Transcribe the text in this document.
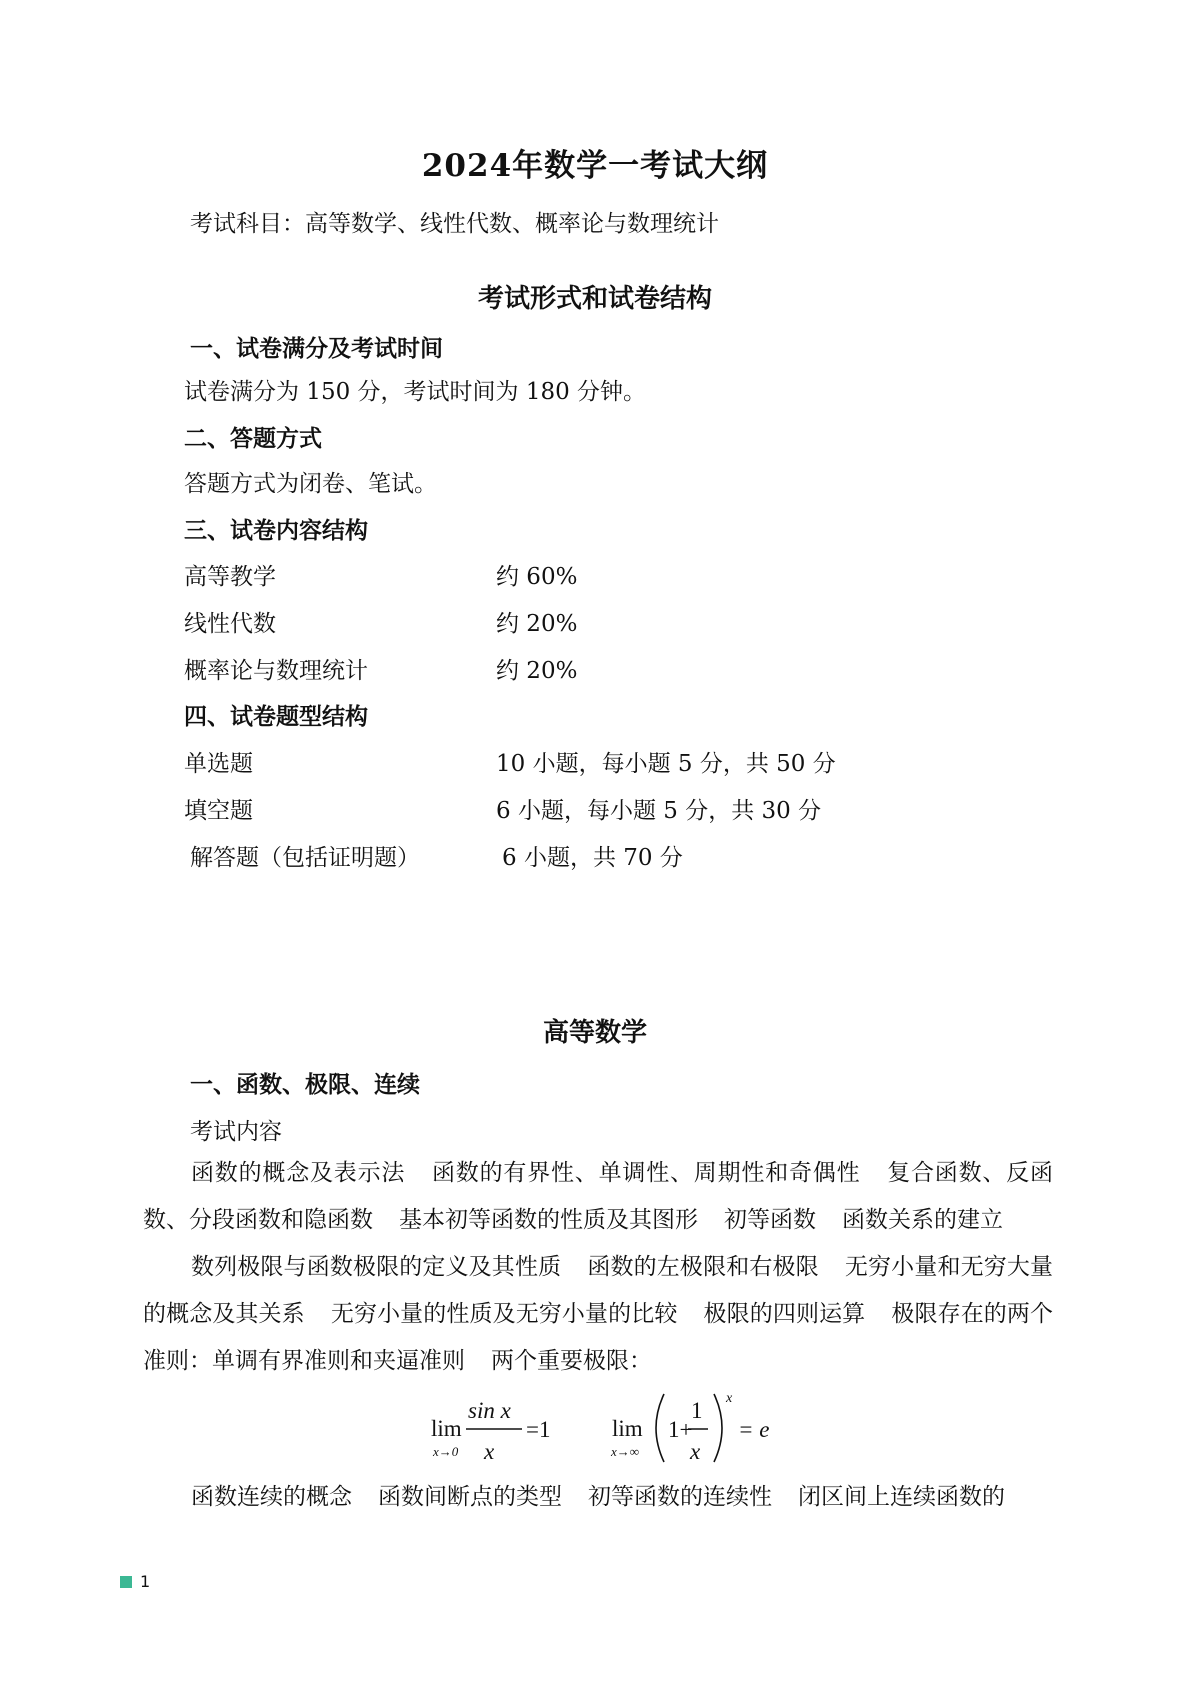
2024年数学一考试大纲
考试科目：高等数学、线性代数、概率论与数理统计
考试形式和试卷结构
一、试卷满分及考试时间
试卷满分为 150 分，考试时间为 180 分钟。
二、答题方式
答题方式为闭卷、笔试。
三、试卷内容结构
高等教学	约 60%
线性代数	约 20%
概率论与数理统计	约 20%
四、试卷题型结构
单选题	10 小题，每小题 5 分，共 50 分
填空题	6 小题，每小题 5 分，共 30 分
解答题（包括证明题）	6 小题，共 70 分
高等数学
一、函数、极限、连续
考试内容
函数的概念及表示法 函数的有界性、单调性、周期性和奇偶性 复合函数、反函数、分段函数和隐函数 基本初等函数的性质及其图形 初等函数 函数关系的建立
数列极限与函数极限的定义及其性质 函数的左极限和右极限 无穷小量和无穷大量的概念及其关系 无穷小量的性质及无穷小量的比较 极限的四则运算 极限存在的两个准则：单调有界准则和夹逼准则 两个重要极限：
lim
x→0
sin x
x
=1	lim
x→∞
1+
1
x
x
= e
函数连续的概念 函数间断点的类型 初等函数的连续性 闭区间上连续函数的
1
